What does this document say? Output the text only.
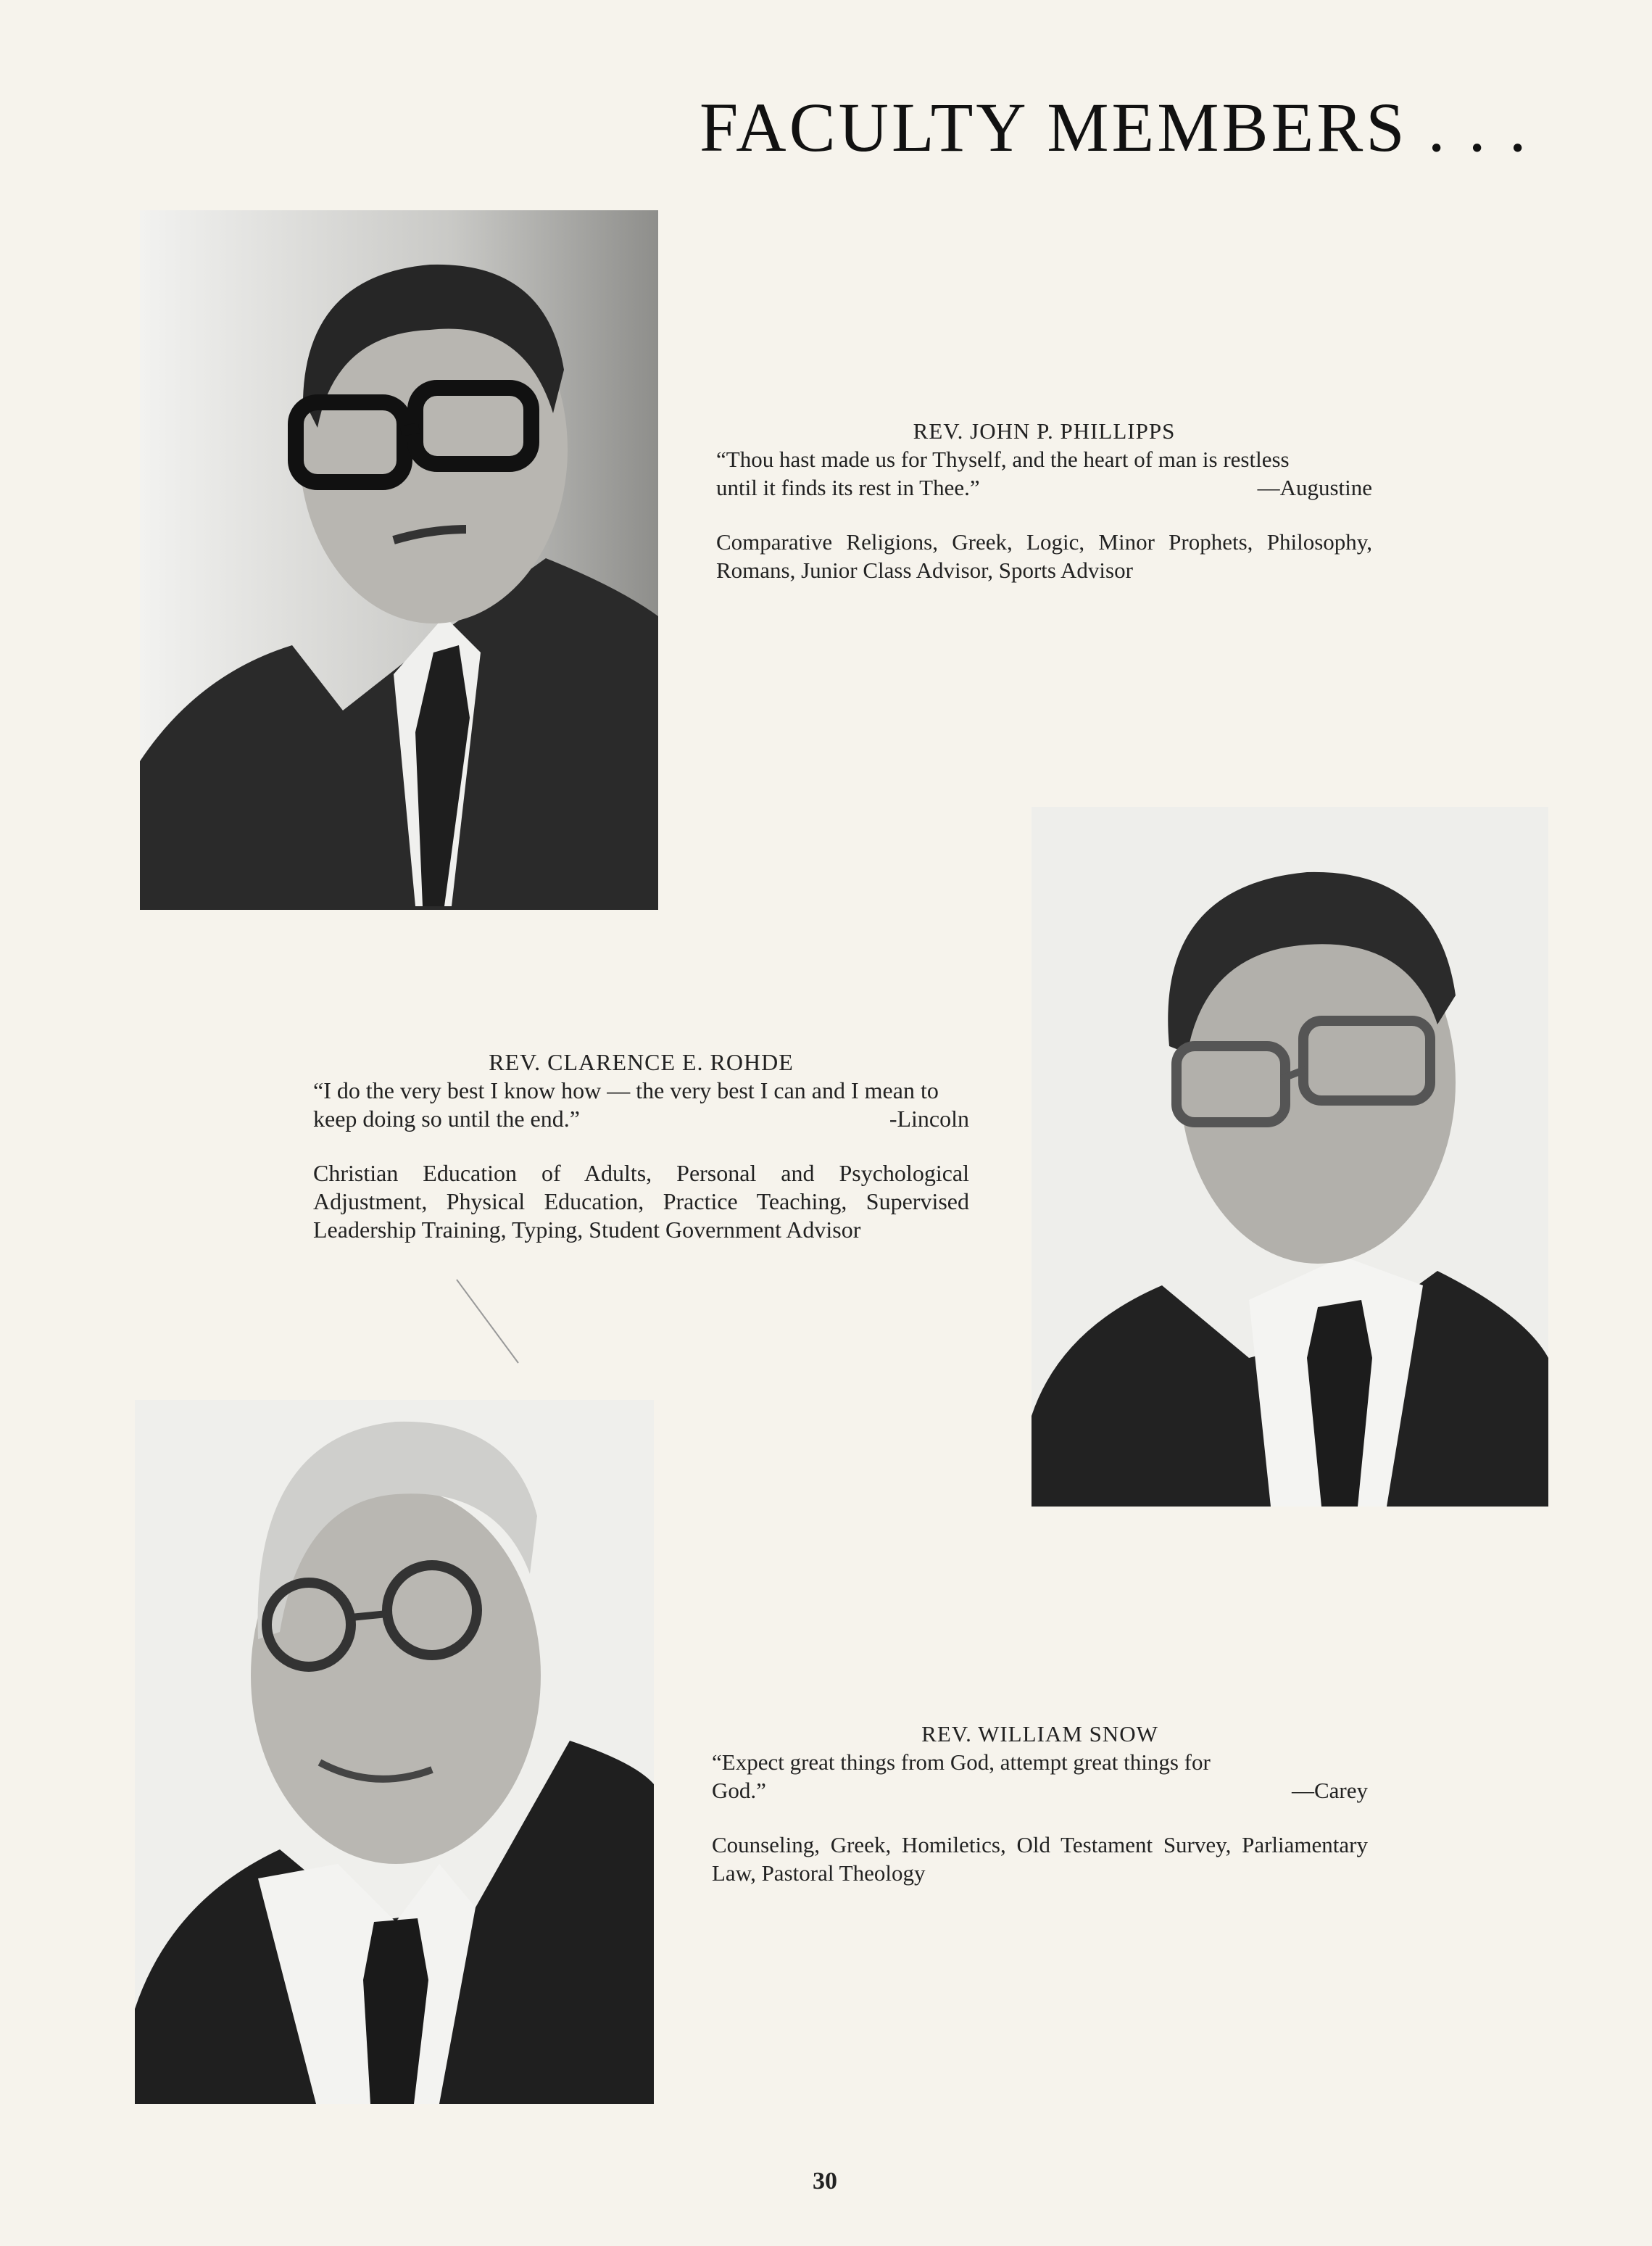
FACULTY MEMBERS . . .
REV. JOHN P. PHILLIPPS
“Thou hast made us for Thyself, and the heart of man is restless
until it finds its rest in Thee.”	—Augustine
Comparative Religions, Greek, Logic, Minor Prophets, Philosophy, Romans, Junior Class Advisor, Sports Advisor
REV. CLARENCE E. ROHDE
“I do the very best I know how — the very best I can and I mean to
keep doing so until the end.”	-Lincoln
Christian Education of Adults, Personal and Psychological Adjustment, Physical Education, Practice Teaching, Supervised Leadership Training, Typing, Student Government Advisor
REV. WILLIAM SNOW
“Expect great things from God, attempt great things for
God.”	—Carey
Counseling, Greek, Homiletics, Old Testament Survey, Parliamentary Law, Pastoral Theology
30
